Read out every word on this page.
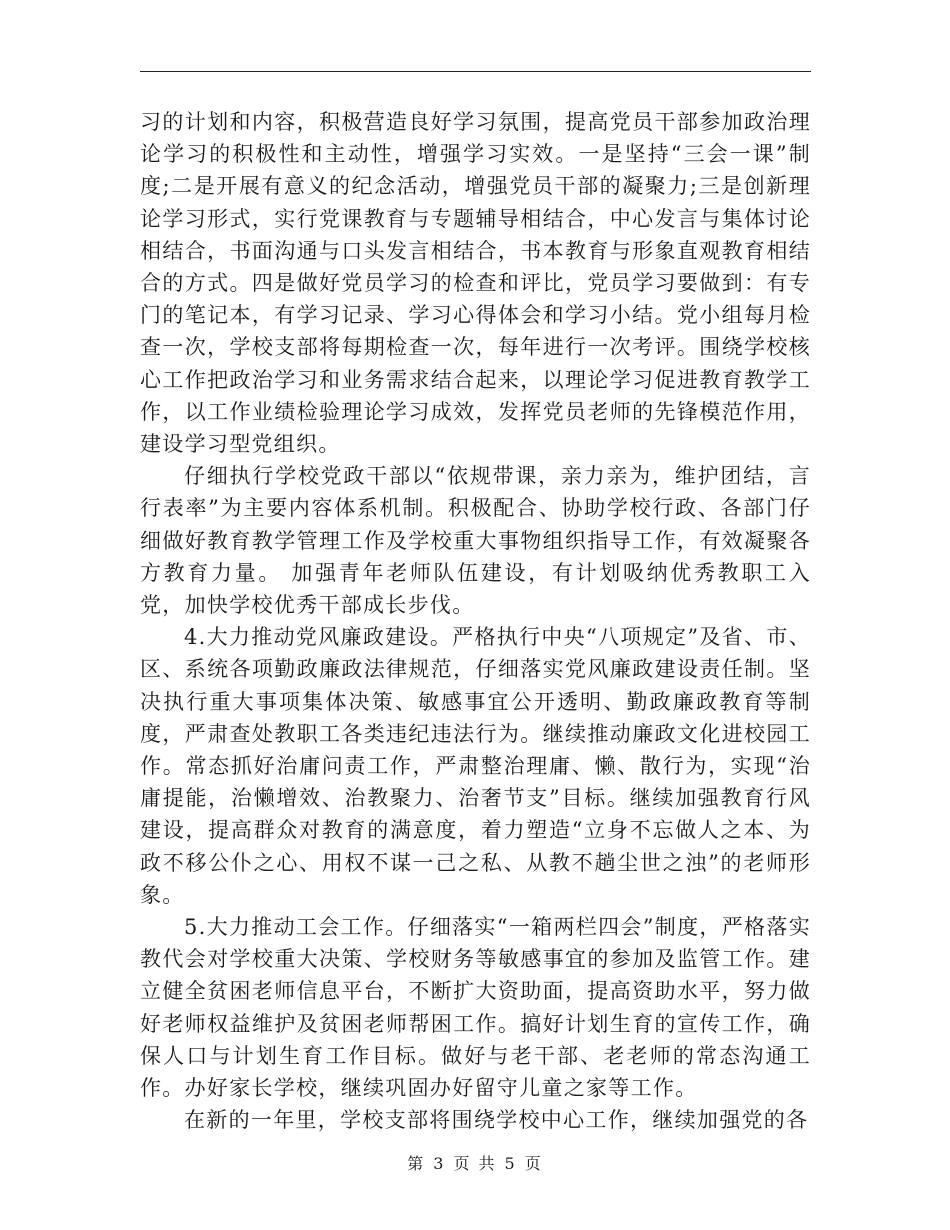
习的计划和内容，积极营造良好学习氛围，提高党员干部参加政治理论学习的积极性和主动性，增强学习实效。一是坚持“三会一课”制度;二是开展有意义的纪念活动，增强党员干部的凝聚力;三是创新理论学习形式，实行党课教育与专题辅导相结合，中心发言与集体讨论相结合，书面沟通与口头发言相结合，书本教育与形象直观教育相结合的方式。四是做好党员学习的检查和评比，党员学习要做到：有专门的笔记本，有学习记录、学习心得体会和学习小结。党小组每月检查一次，学校支部将每期检查一次，每年进行一次考评。围绕学校核心工作把政治学习和业务需求结合起来，以理论学习促进教育教学工作，以工作业绩检验理论学习成效，发挥党员老师的先锋模范作用，建设学习型党组织。

仔细执行学校党政干部以“依规带课，亲力亲为，维护团结，言行表率”为主要内容体系机制。积极配合、协助学校行政、各部门仔细做好教育教学管理工作及学校重大事物组织指导工作，有效凝聚各方教育力量。 加强青年老师队伍建设，有计划吸纳优秀教职工入党，加快学校优秀干部成长步伐。

4.大力推动党风廉政建设。严格执行中央“八项规定”及省、市、区、系统各项勤政廉政法律规范，仔细落实党风廉政建设责任制。坚决执行重大事项集体决策、敏感事宜公开透明、勤政廉政教育等制度，严肃查处教职工各类违纪违法行为。继续推动廉政文化进校园工作。常态抓好治庸问责工作，严肃整治理庸、懒、散行为，实现“治庸提能，治懒增效、治教聚力、治奢节支”目标。继续加强教育行风建设，提高群众对教育的满意度，着力塑造“立身不忘做人之本、为政不移公仆之心、用权不谋一己之私、从教不趟尘世之浊”的老师形象。

5.大力推动工会工作。仔细落实“一箱两栏四会”制度，严格落实教代会对学校重大决策、学校财务等敏感事宜的参加及监管工作。建立健全贫困老师信息平台，不断扩大资助面，提高资助水平，努力做好老师权益维护及贫困老师帮困工作。搞好计划生育的宣传工作，确保人口与计划生育工作目标。做好与老干部、老老师的常态沟通工作。办好家长学校，继续巩固办好留守儿童之家等工作。

在新的一年里，学校支部将围绕学校中心工作，继续加强党的各

第 3 页 共 5 页
